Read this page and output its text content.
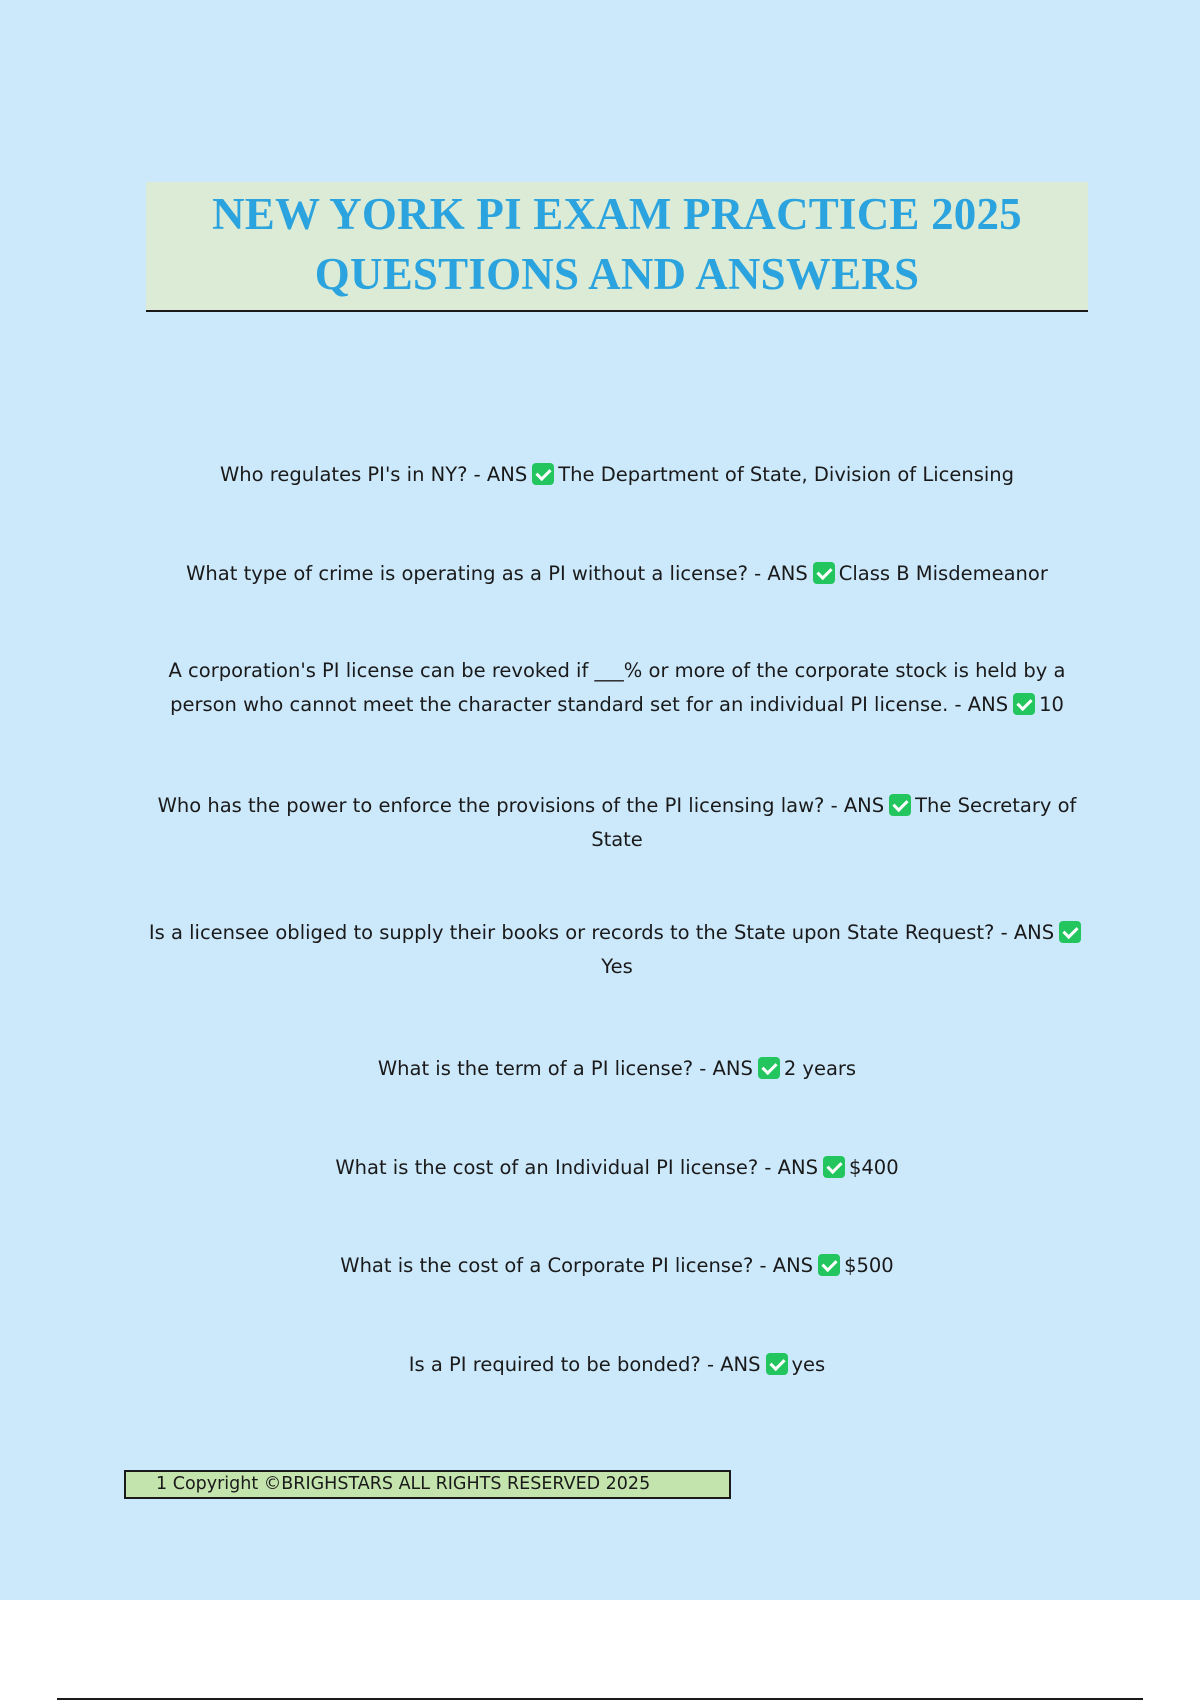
NEW YORK PI EXAM PRACTICE 2025
QUESTIONS AND ANSWERS
Who regulates PI's in NY? - ANS The Department of State, Division of Licensing
What type of crime is operating as a PI without a license? - ANS Class B Misdemeanor
A corporation's PI license can be revoked if ___% or more of the corporate stock is held by a person who cannot meet the character standard set for an individual PI license. - ANS 10
Who has the power to enforce the provisions of the PI licensing law? - ANS The Secretary of State
Is a licensee obliged to supply their books or records to the State upon State Request? - ANSYes
What is the term of a PI license? - ANS 2 years
What is the cost of an Individual PI license? - ANS $400
What is the cost of a Corporate PI license? - ANS $500
Is a PI required to be bonded? - ANS yes
1 Copyright ©BRIGHSTARS ALL RIGHTS RESERVED 2025
